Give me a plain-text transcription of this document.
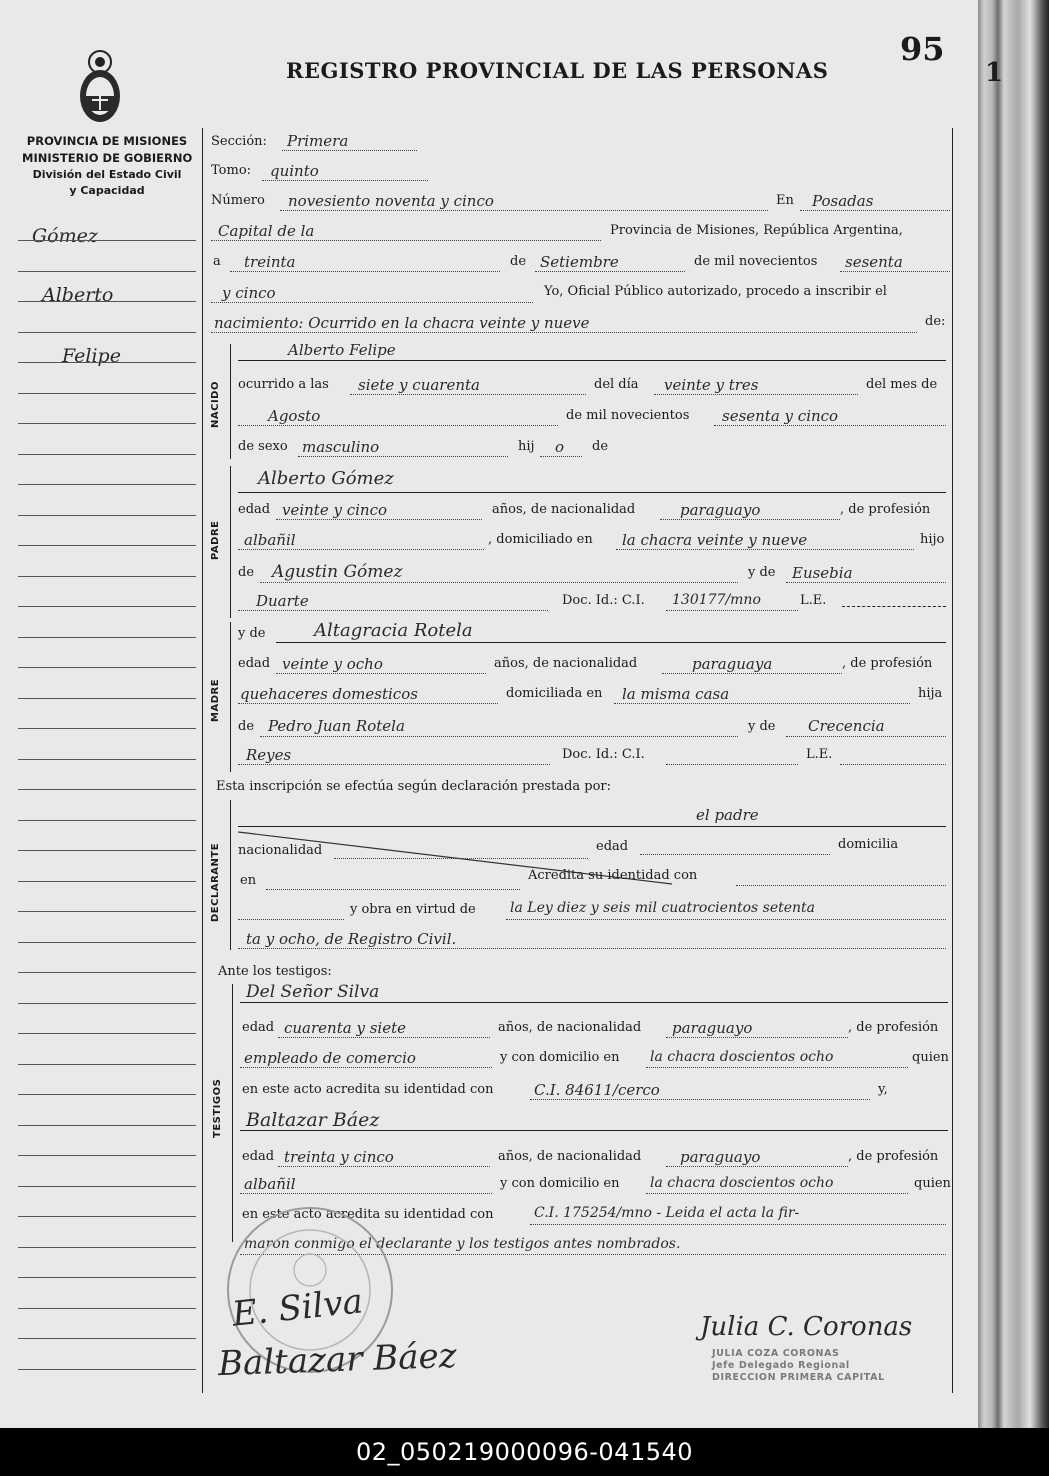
REGISTRO PROVINCIAL DE LAS PERSONAS
95
1
PROVINCIA DE MISIONES
MINISTERIO DE GOBIERNO
División del Estado Civil
y Capacidad
Gómez
Alberto
Felipe
Sección: Primera
Tomo: quinto
Número novesiento noventa y cinco	En Posadas
Capital de la	Provincia de Misiones, República Argentina,
a treinta	de Setiembre	de mil novecientos sesenta
y cinco	Yo, Oficial Público autorizado, procedo a inscribir el
nacimiento: Ocurrido en la chacra veinte y nueve	de:
NACIDO
Alberto Felipe
ocurrido a las siete y cuarenta	del día veinte y tres	del mes de
Agosto	de mil novecientos sesenta y cinco
de sexo masculino	hij o de
PADRE
Alberto Gómez
edad veinte y cinco	años, de nacionalidad	paraguayo	, de profesión
albañil	, domiciliado en la chacra veinte y nueve	hijo
de Agustin Gómez	y de Eusebia
Duarte	Doc. Id.: C.I. 130177/mno	L.E.
MADRE
y de	Altagracia Rotela
edad veinte y ocho	años, de nacionalidad	paraguaya	, de profesión
quehaceres domesticos	domiciliada en la misma casa	hija
de Pedro Juan Rotela	y de Crecencia
Reyes	Doc. Id.: C.I.	L.E.
Esta inscripción se efectúa según declaración prestada por:
DECLARANTE
el padre
nacionalidad	edad	domicilia
en	Acredita su identidad con
y obra en virtud de la Ley diez y seis mil cuatrocientos setenta
ta y ocho, de Registro Civil.
Ante los testigos:
TESTIGOS
Del Señor Silva
edad cuarenta y siete	años, de nacionalidad paraguayo	, de profesión
empleado de comercio	y con domicilio en la chacra doscientos ocho	quien
en este acto acredita su identidad con	C.I. 84611/cerco	y,
Baltazar Báez
edad treinta y cinco	años, de nacionalidad	paraguayo	, de profesión
albañil	y con domicilio en la chacra doscientos ocho	quien
en este acto acredita su identidad con	C.I. 175254/mno - Leida el acta la fir-
maron conmigo el declarante y los testigos antes nombrados.
E. Silva
Baltazar Báez
Julia C. Coronas
JULIA COZA CORONAS
Jefe Delegado Regional
DIRECCION PRIMERA CAPITAL
02_050219000096-041540
